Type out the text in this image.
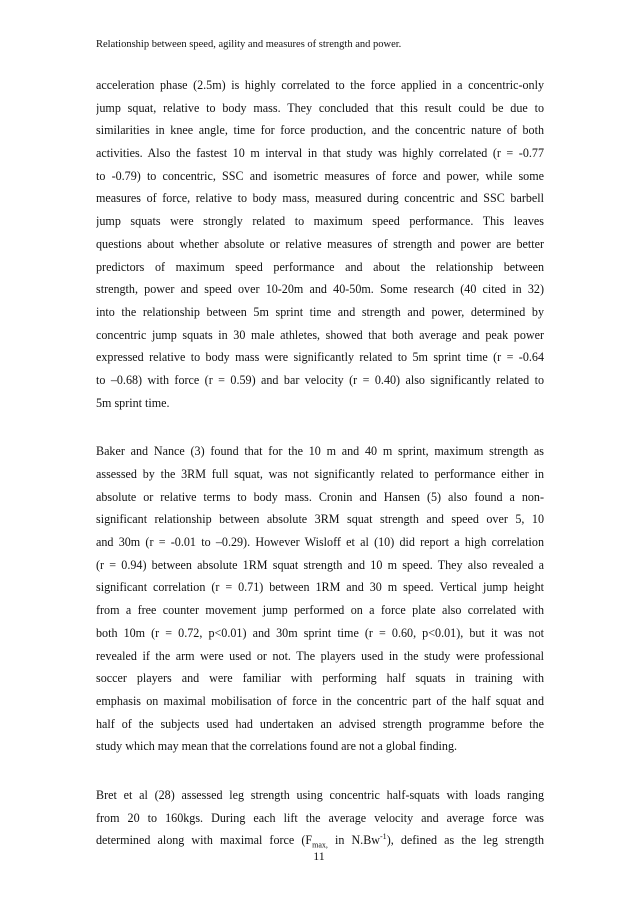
Relationship between speed, agility and measures of strength and power.

acceleration phase (2.5m) is highly correlated to the force applied in a concentric-only
jump squat, relative to body mass. They concluded that this result could be due to
similarities in knee angle, time for force production, and the concentric nature of both
activities. Also the fastest 10 m interval in that study was highly correlated (r = -0.77
to -0.79) to concentric, SSC and isometric measures of force and power, while some
measures of force, relative to body mass, measured during concentric and SSC barbell
jump squats were strongly related to maximum speed performance. This leaves
questions about whether absolute or relative measures of strength and power are better
predictors of maximum speed performance and about the relationship between
strength, power and speed over 10-20m and 40-50m. Some research (40 cited in 32)
into the relationship between 5m sprint time and strength and power, determined by
concentric jump squats in 30 male athletes, showed that both average and peak power
expressed relative to body mass were significantly related to 5m sprint time (r = -0.64
to –0.68) with force (r = 0.59) and bar velocity (r = 0.40) also significantly related to
5m sprint time.

Baker and Nance (3) found that for the 10 m and 40 m sprint, maximum strength as
assessed by the 3RM full squat, was not significantly related to performance either in
absolute or relative terms to body mass. Cronin and Hansen (5) also found a non-
significant relationship between absolute 3RM squat strength and speed over 5, 10
and 30m (r = -0.01 to –0.29). However Wisloff et al (10) did report a high correlation
(r = 0.94) between absolute 1RM squat strength and 10 m speed. They also revealed a
significant correlation (r = 0.71) between 1RM and 30 m speed. Vertical jump height
from a free counter movement jump performed on a force plate also correlated with
both 10m (r = 0.72, p<0.01) and 30m sprint time (r = 0.60, p<0.01), but it was not
revealed if the arm were used or not. The players used in the study were professional
soccer players and were familiar with performing half squats in training with
emphasis on maximal mobilisation of force in the concentric part of the half squat and
half of the subjects used had undertaken an advised strength programme before the
study which may mean that the correlations found are not a global finding.

Bret et al (28) assessed leg strength using concentric half-squats with loads ranging
from 20 to 160kgs. During each lift the average velocity and average force was
determined along with maximal force ($F_{max,}$ in $N.Bw^{-1}$), defined as the leg strength

11
